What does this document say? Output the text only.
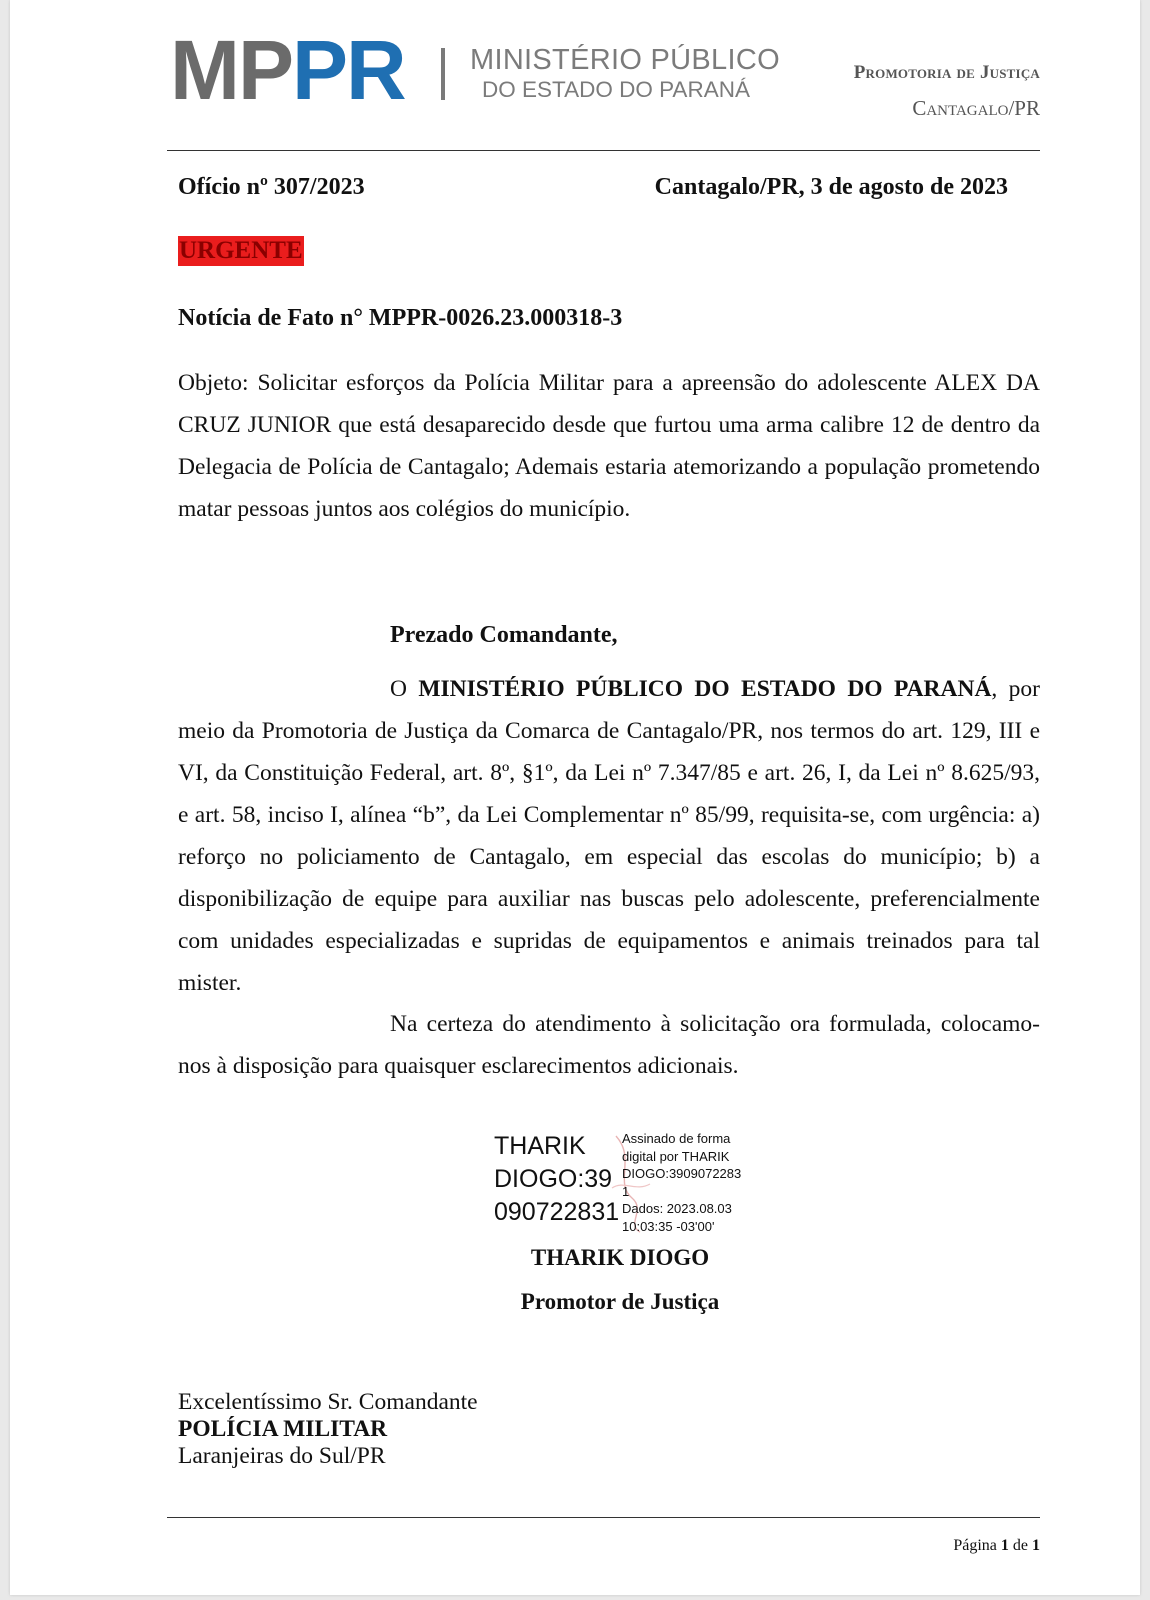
MPPR MINISTÉRIO PÚBLICO
DO ESTADO DO PARANÁ
Promotoria de Justiça
Cantagalo/PR
Ofício nº 307/2023	Cantagalo/PR, 3 de agosto de 2023
URGENTE
Notícia de Fato n° MPPR-0026.23.000318-3
Objeto: Solicitar esforços da Polícia Militar para a apreensão do adolescente ALEX DA CRUZ JUNIOR que está desaparecido desde que furtou uma arma calibre 12 de dentro da Delegacia de Polícia de Cantagalo; Ademais estaria atemorizando a população prometendo matar pessoas juntos aos colégios do município.
Prezado Comandante,
O MINISTÉRIO PÚBLICO DO ESTADO DO PARANÁ, por meio da Promotoria de Justiça da Comarca de Cantagalo/PR, nos termos do art. 129, III e VI, da Constituição Federal, art. 8º, §1º, da Lei nº 7.347/85 e art. 26, I, da Lei nº 8.625/93, e art. 58, inciso I, alínea “b”, da Lei Complementar nº 85/99, requisita-se, com urgência: a) reforço no policiamento de Cantagalo, em especial das escolas do município; b) a disponibilização de equipe para auxiliar nas buscas pelo adolescente, preferencialmente com unidades especializadas e supridas de equipamentos e animais treinados para tal mister.
Na certeza do atendimento à solicitação ora formulada, colocamo-nos à disposição para quaisquer esclarecimentos adicionais.
THARIK
DIOGO:39
090722831
Assinado de forma
digital por THARIK
DIOGO:3909072283
1
Dados: 2023.08.03
10:03:35 -03'00'
THARIK DIOGO
Promotor de Justiça
Excelentíssimo Sr. Comandante
POLÍCIA MILITAR
Laranjeiras do Sul/PR
Página 1 de 1
